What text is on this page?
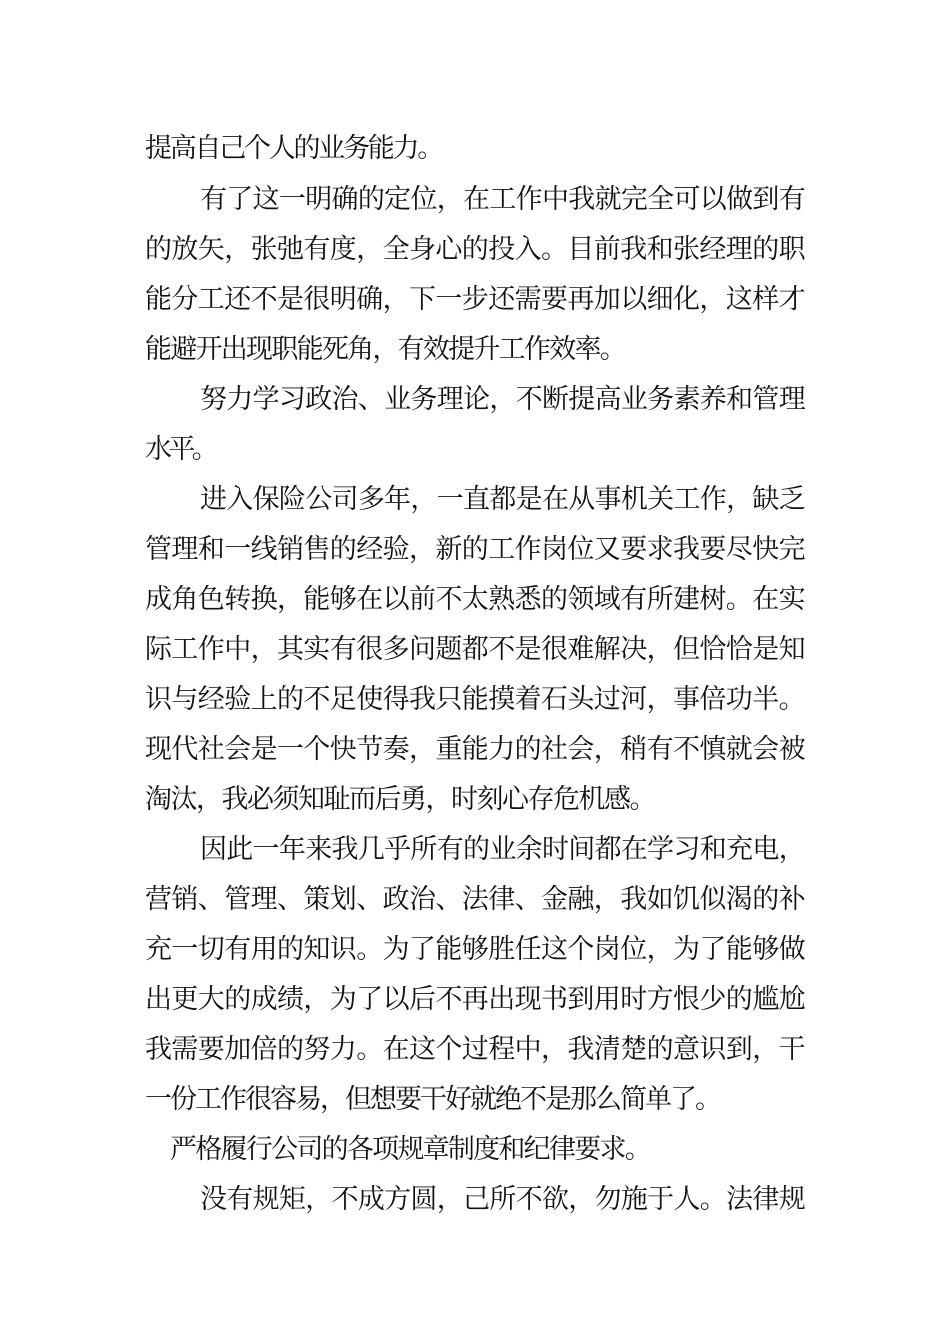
提高自己个人的业务能力。
有了这一明确的定位，在工作中我就完全可以做到有
的放矢，张弛有度，全身心的投入。目前我和张经理的职
能分工还不是很明确，下一步还需要再加以细化，这样才
能避开出现职能死角，有效提升工作效率。
努力学习政治、业务理论，不断提高业务素养和管理
水平。
进入保险公司多年，一直都是在从事机关工作，缺乏
管理和一线销售的经验，新的工作岗位又要求我要尽快完
成角色转换，能够在以前不太熟悉的领域有所建树。在实
际工作中，其实有很多问题都不是很难解决，但恰恰是知
识与经验上的不足使得我只能摸着石头过河，事倍功半。
现代社会是一个快节奏，重能力的社会，稍有不慎就会被
淘汰，我必须知耻而后勇，时刻心存危机感。
因此一年来我几乎所有的业余时间都在学习和充电，
营销、管理、策划、政治、法律、金融，我如饥似渴的补
充一切有用的知识。为了能够胜任这个岗位，为了能够做
出更大的成绩，为了以后不再出现书到用时方恨少的尴尬
我需要加倍的努力。在这个过程中，我清楚的意识到，干
一份工作很容易，但想要干好就绝不是那么简单了。
严格履行公司的各项规章制度和纪律要求。
没有规矩，不成方圆，己所不欲，勿施于人。法律规
